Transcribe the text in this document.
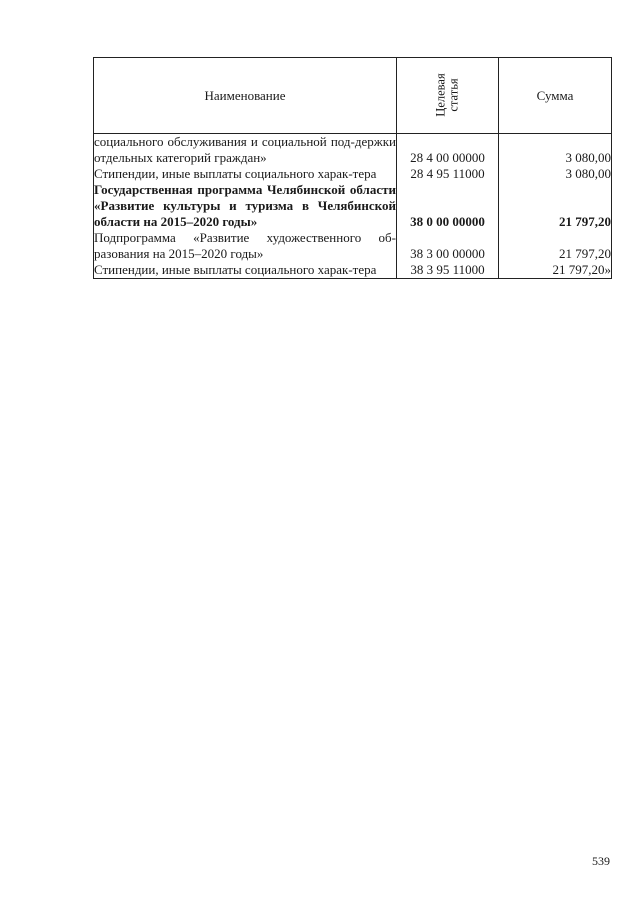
Наименование	Целевая статья	Сумма
социального обслуживания и социальной под-держки отдельных категорий граждан»	28 4 00 00000	3 080,00
Стипендии, иные выплаты социального харак-тера	28 4 95 11000	3 080,00
Государственная программа Челябинской области «Развитие культуры и туризма в Челябинской области на 2015–2020 годы»	38 0 00 00000	21 797,20
Подпрограмма «Развитие художественного об-разования на 2015–2020 годы»	38 3 00 00000	21 797,20
Стипендии, иные выплаты социального харак-тера	38 3 95 11000	21 797,20»
539
